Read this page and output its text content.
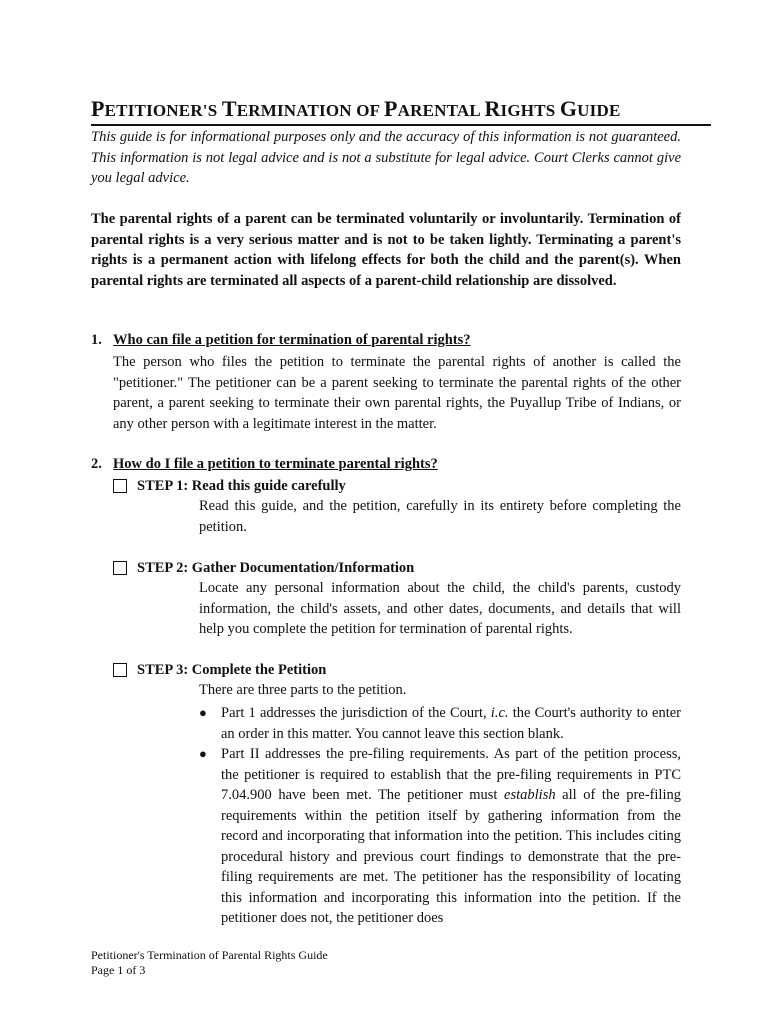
PETITIONER'S TERMINATION OF PARENTAL RIGHTS GUIDE
This guide is for informational purposes only and the accuracy of this information is not guaranteed. This information is not legal advice and is not a substitute for legal advice. Court Clerks cannot give you legal advice.
The parental rights of a parent can be terminated voluntarily or involuntarily. Termination of parental rights is a very serious matter and is not to be taken lightly. Terminating a parent's rights is a permanent action with lifelong effects for both the child and the parent(s). When parental rights are terminated all aspects of a parent-child relationship are dissolved.
1. Who can file a petition for termination of parental rights?
The person who files the petition to terminate the parental rights of another is called the "petitioner." The petitioner can be a parent seeking to terminate the parental rights of the other parent, a parent seeking to terminate their own parental rights, the Puyallup Tribe of Indians, or any other person with a legitimate interest in the matter.
2. How do I file a petition to terminate parental rights?
STEP 1: Read this guide carefully
Read this guide, and the petition, carefully in its entirety before completing the petition.
STEP 2: Gather Documentation/Information
Locate any personal information about the child, the child's parents, custody information, the child's assets, and other dates, documents, and details that will help you complete the petition for termination of parental rights.
STEP 3: Complete the Petition
There are three parts to the petition.
● Part 1 addresses the jurisdiction of the Court, i.c. the Court's authority to enter an order in this matter. You cannot leave this section blank.
● Part II addresses the pre-filing requirements. As part of the petition process, the petitioner is required to establish that the pre-filing requirements in PTC 7.04.900 have been met. The petitioner must establish all of the pre-filing requirements within the petition itself by gathering information from the record and incorporating that information into the petition. This includes citing procedural history and previous court findings to demonstrate that the pre-filing requirements are met. The petitioner has the responsibility of locating this information and incorporating this information into the petition. If the petitioner does not, the petitioner does
Petitioner's Termination of Parental Rights Guide
Page 1 of 3
